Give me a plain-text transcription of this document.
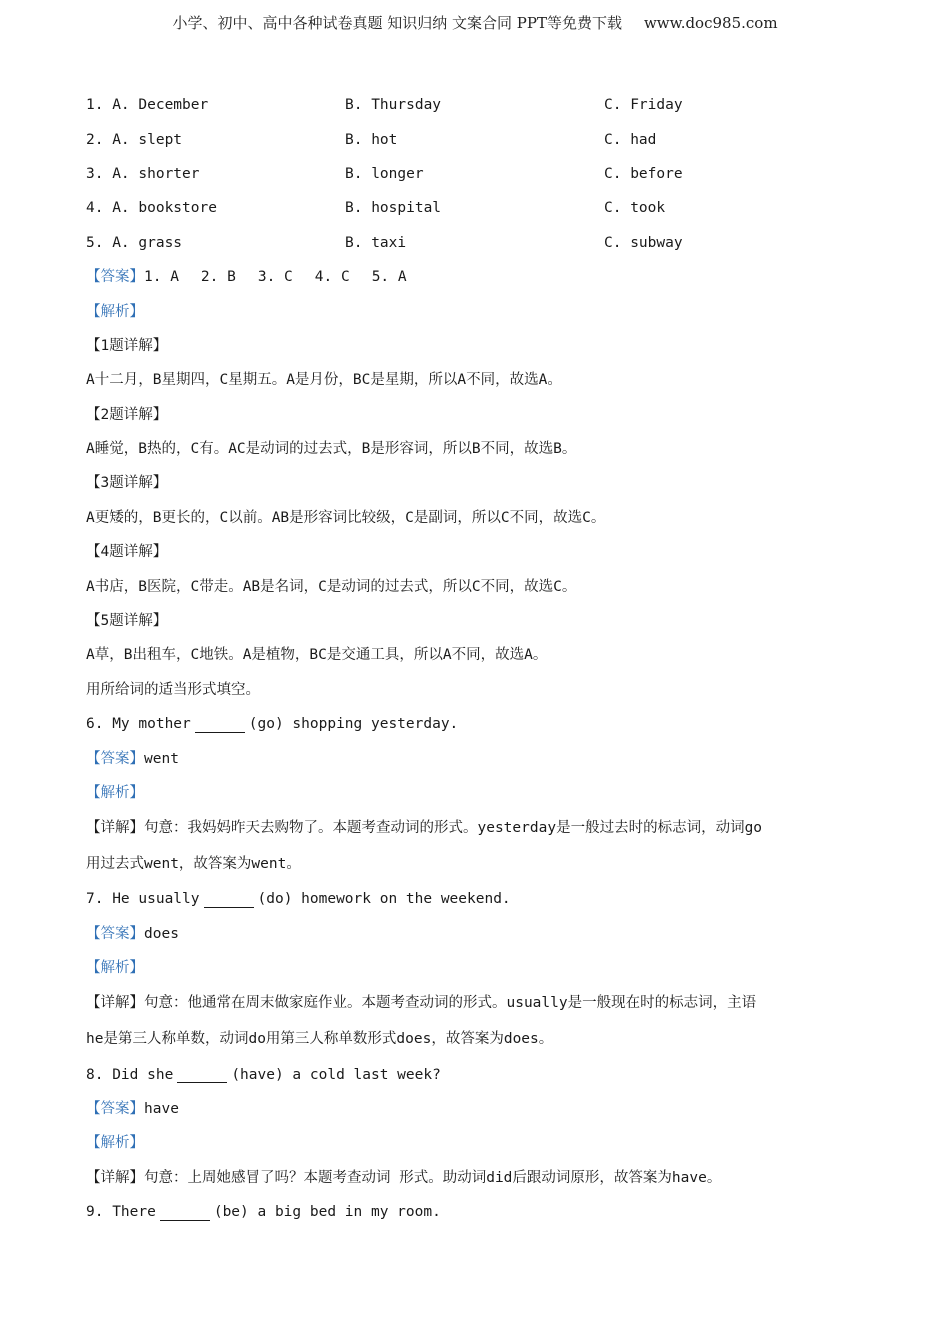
小学、初中、高中各种试卷真题 知识归纳 文案合同 PPT等免费下载 www.doc985.com
1. A. December	B. Thursday	C. Friday
2. A. slept	B. hot	C. had
3. A. shorter	B. longer	C. before
4. A. bookstore	B. hospital	C. took
5. A. grass	B. taxi	C. subway
【答案】 1. A 2. B 3. C 4. C 5. A
【解析】
【1题详解】
A十二月，B星期四，C星期五。A是月份，BC是星期，所以A不同，故选A。
【2题详解】
A睡觉，B热的，C有。AC是动词的过去式，B是形容词，所以B不同，故选B。
【3题详解】
A更矮的，B更长的，C以前。AB是形容词比较级，C是副词，所以C不同，故选C。
【4题详解】
A书店，B医院，C带走。AB是名词，C是动词的过去式，所以C不同，故选C。
【5题详解】
A草，B出租车，C地铁。A是植物，BC是交通工具，所以A不同，故选A。
用所给词的适当形式填空。
6. My mother	(go) shopping yesterday.
【答案】 went
【解析】
【详解】 句意：我妈妈昨天去购物了。本题考查动词的形式。yesterday是一般过去时的标志词，动词go
用过去式went，故答案为went。
7. He usually	(do) homework on the weekend.
【答案】 does
【解析】
【详解】 句意：他通常在周末做家庭作业。本题考查动词的形式。usually是一般现在时的标志词，主语
he是第三人称单数，动词do用第三人称单数形式does，故答案为does。
8. Did she	(have) a cold last week?
【答案】 have
【解析】
【详解】 句意：上周她感冒了吗？本题考查动词 形式。助动词did后跟动词原形，故答案为have。
9. There	(be) a big bed in my room.
